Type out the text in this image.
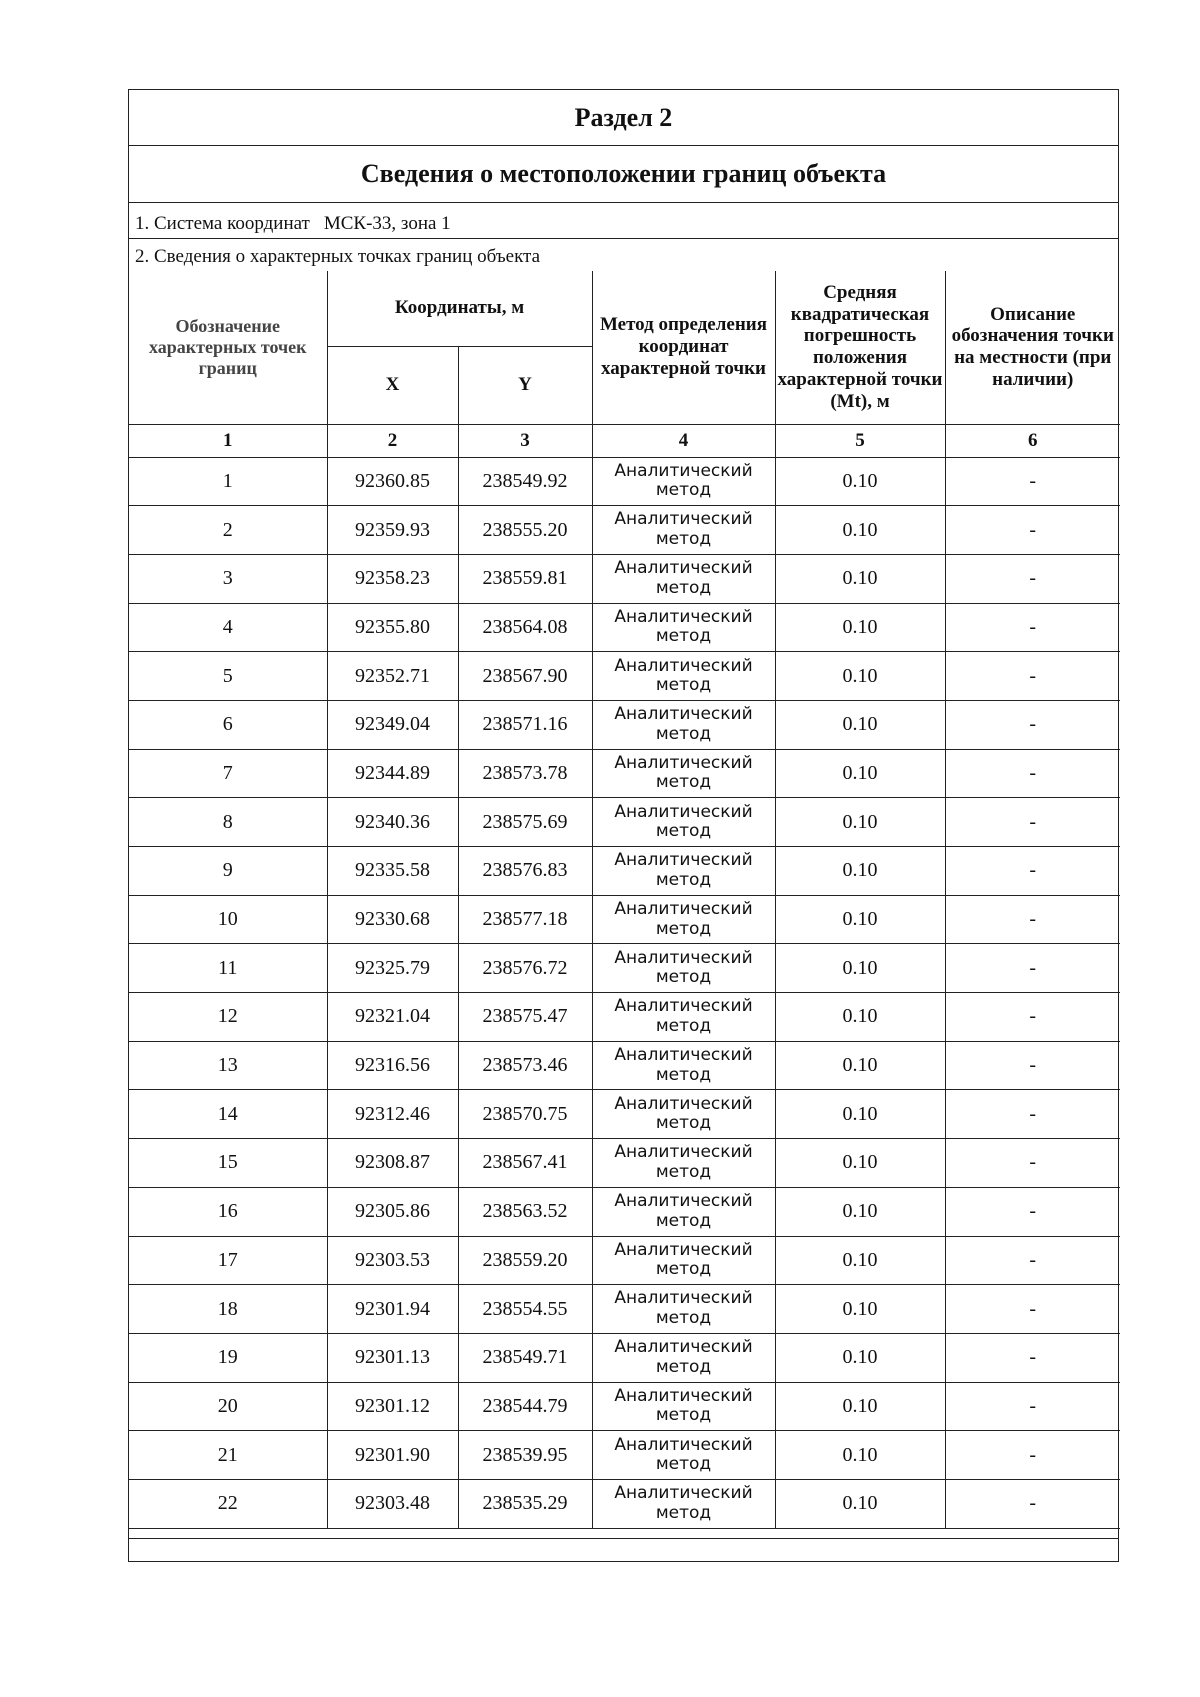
Раздел 2
Сведения о местоположении границ объекта
1. Система координат МСК-33, зона 1
2. Сведения о характерных точках границ объекта
Обозначение характерных точек границ	Координаты, м		Метод определения координат характерной точки	Средняя квадратическая погрешность положения характерной точки (Mt), м	Описание обозначения точки на местности (при наличии)
	X	Y			
1	2	3	4	5	6
1	92360.85	238549.92	Аналитический метод	0.10	-
2	92359.93	238555.20	Аналитический метод	0.10	-
3	92358.23	238559.81	Аналитический метод	0.10	-
4	92355.80	238564.08	Аналитический метод	0.10	-
5	92352.71	238567.90	Аналитический метод	0.10	-
6	92349.04	238571.16	Аналитический метод	0.10	-
7	92344.89	238573.78	Аналитический метод	0.10	-
8	92340.36	238575.69	Аналитический метод	0.10	-
9	92335.58	238576.83	Аналитический метод	0.10	-
10	92330.68	238577.18	Аналитический метод	0.10	-
11	92325.79	238576.72	Аналитический метод	0.10	-
12	92321.04	238575.47	Аналитический метод	0.10	-
13	92316.56	238573.46	Аналитический метод	0.10	-
14	92312.46	238570.75	Аналитический метод	0.10	-
15	92308.87	238567.41	Аналитический метод	0.10	-
16	92305.86	238563.52	Аналитический метод	0.10	-
17	92303.53	238559.20	Аналитический метод	0.10	-
18	92301.94	238554.55	Аналитический метод	0.10	-
19	92301.13	238549.71	Аналитический метод	0.10	-
20	92301.12	238544.79	Аналитический метод	0.10	-
21	92301.90	238539.95	Аналитический метод	0.10	-
22	92303.48	238535.29	Аналитический метод	0.10	-
